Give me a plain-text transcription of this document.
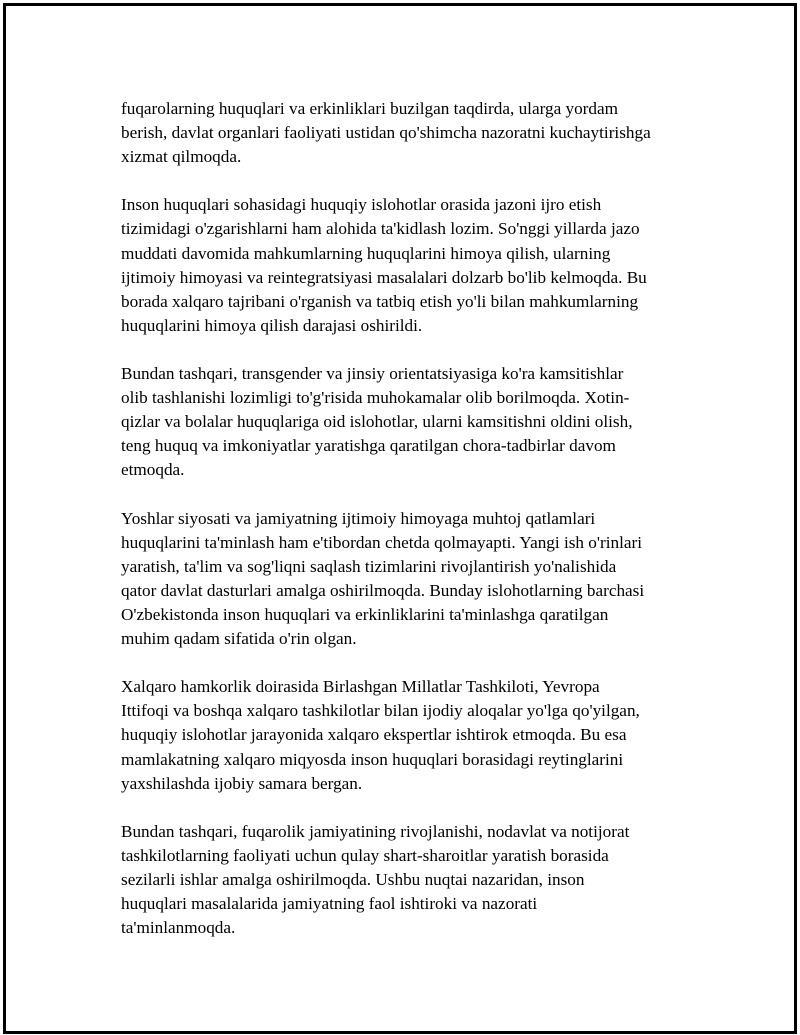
fuqarolarning huquqlari va erkinliklari buzilgan taqdirda, ularga yordam
berish, davlat organlari faoliyati ustidan qo'shimcha nazoratni kuchaytirishga
xizmat qilmoqda.

Inson huquqlari sohasidagi huquqiy islohotlar orasida jazoni ijro etish
tizimidagi o'zgarishlarni ham alohida ta'kidlash lozim. So'nggi yillarda jazo
muddati davomida mahkumlarning huquqlarini himoya qilish, ularning
ijtimoiy himoyasi va reintegratsiyasi masalalari dolzarb bo'lib kelmoqda. Bu
borada xalqaro tajribani o'rganish va tatbiq etish yo'li bilan mahkumlarning
huquqlarini himoya qilish darajasi oshirildi.

Bundan tashqari, transgender va jinsiy orientatsiyasiga ko'ra kamsitishlar
olib tashlanishi lozimligi to'g'risida muhokamalar olib borilmoqda. Xotin-
qizlar va bolalar huquqlariga oid islohotlar, ularni kamsitishni oldini olish,
teng huquq va imkoniyatlar yaratishga qaratilgan chora-tadbirlar davom
etmoqda.

Yoshlar siyosati va jamiyatning ijtimoiy himoyaga muhtoj qatlamlari
huquqlarini ta'minlash ham e'tibordan chetda qolmayapti. Yangi ish o'rinlari
yaratish, ta'lim va sog'liqni saqlash tizimlarini rivojlantirish yo'nalishida
qator davlat dasturlari amalga oshirilmoqda. Bunday islohotlarning barchasi
O'zbekistonda inson huquqlari va erkinliklarini ta'minlashga qaratilgan
muhim qadam sifatida o'rin olgan.

Xalqaro hamkorlik doirasida Birlashgan Millatlar Tashkiloti, Yevropa
Ittifoqi va boshqa xalqaro tashkilotlar bilan ijodiy aloqalar yo'lga qo'yilgan,
huquqiy islohotlar jarayonida xalqaro ekspertlar ishtirok etmoqda. Bu esa
mamlakatning xalqaro miqyosda inson huquqlari borasidagi reytinglarini
yaxshilashda ijobiy samara bergan.

Bundan tashqari, fuqarolik jamiyatining rivojlanishi, nodavlat va notijorat
tashkilotlarning faoliyati uchun qulay shart-sharoitlar yaratish borasida
sezilarli ishlar amalga oshirilmoqda. Ushbu nuqtai nazaridan, inson
huquqlari masalalarida jamiyatning faol ishtiroki va nazorati
ta'minlanmoqda.
